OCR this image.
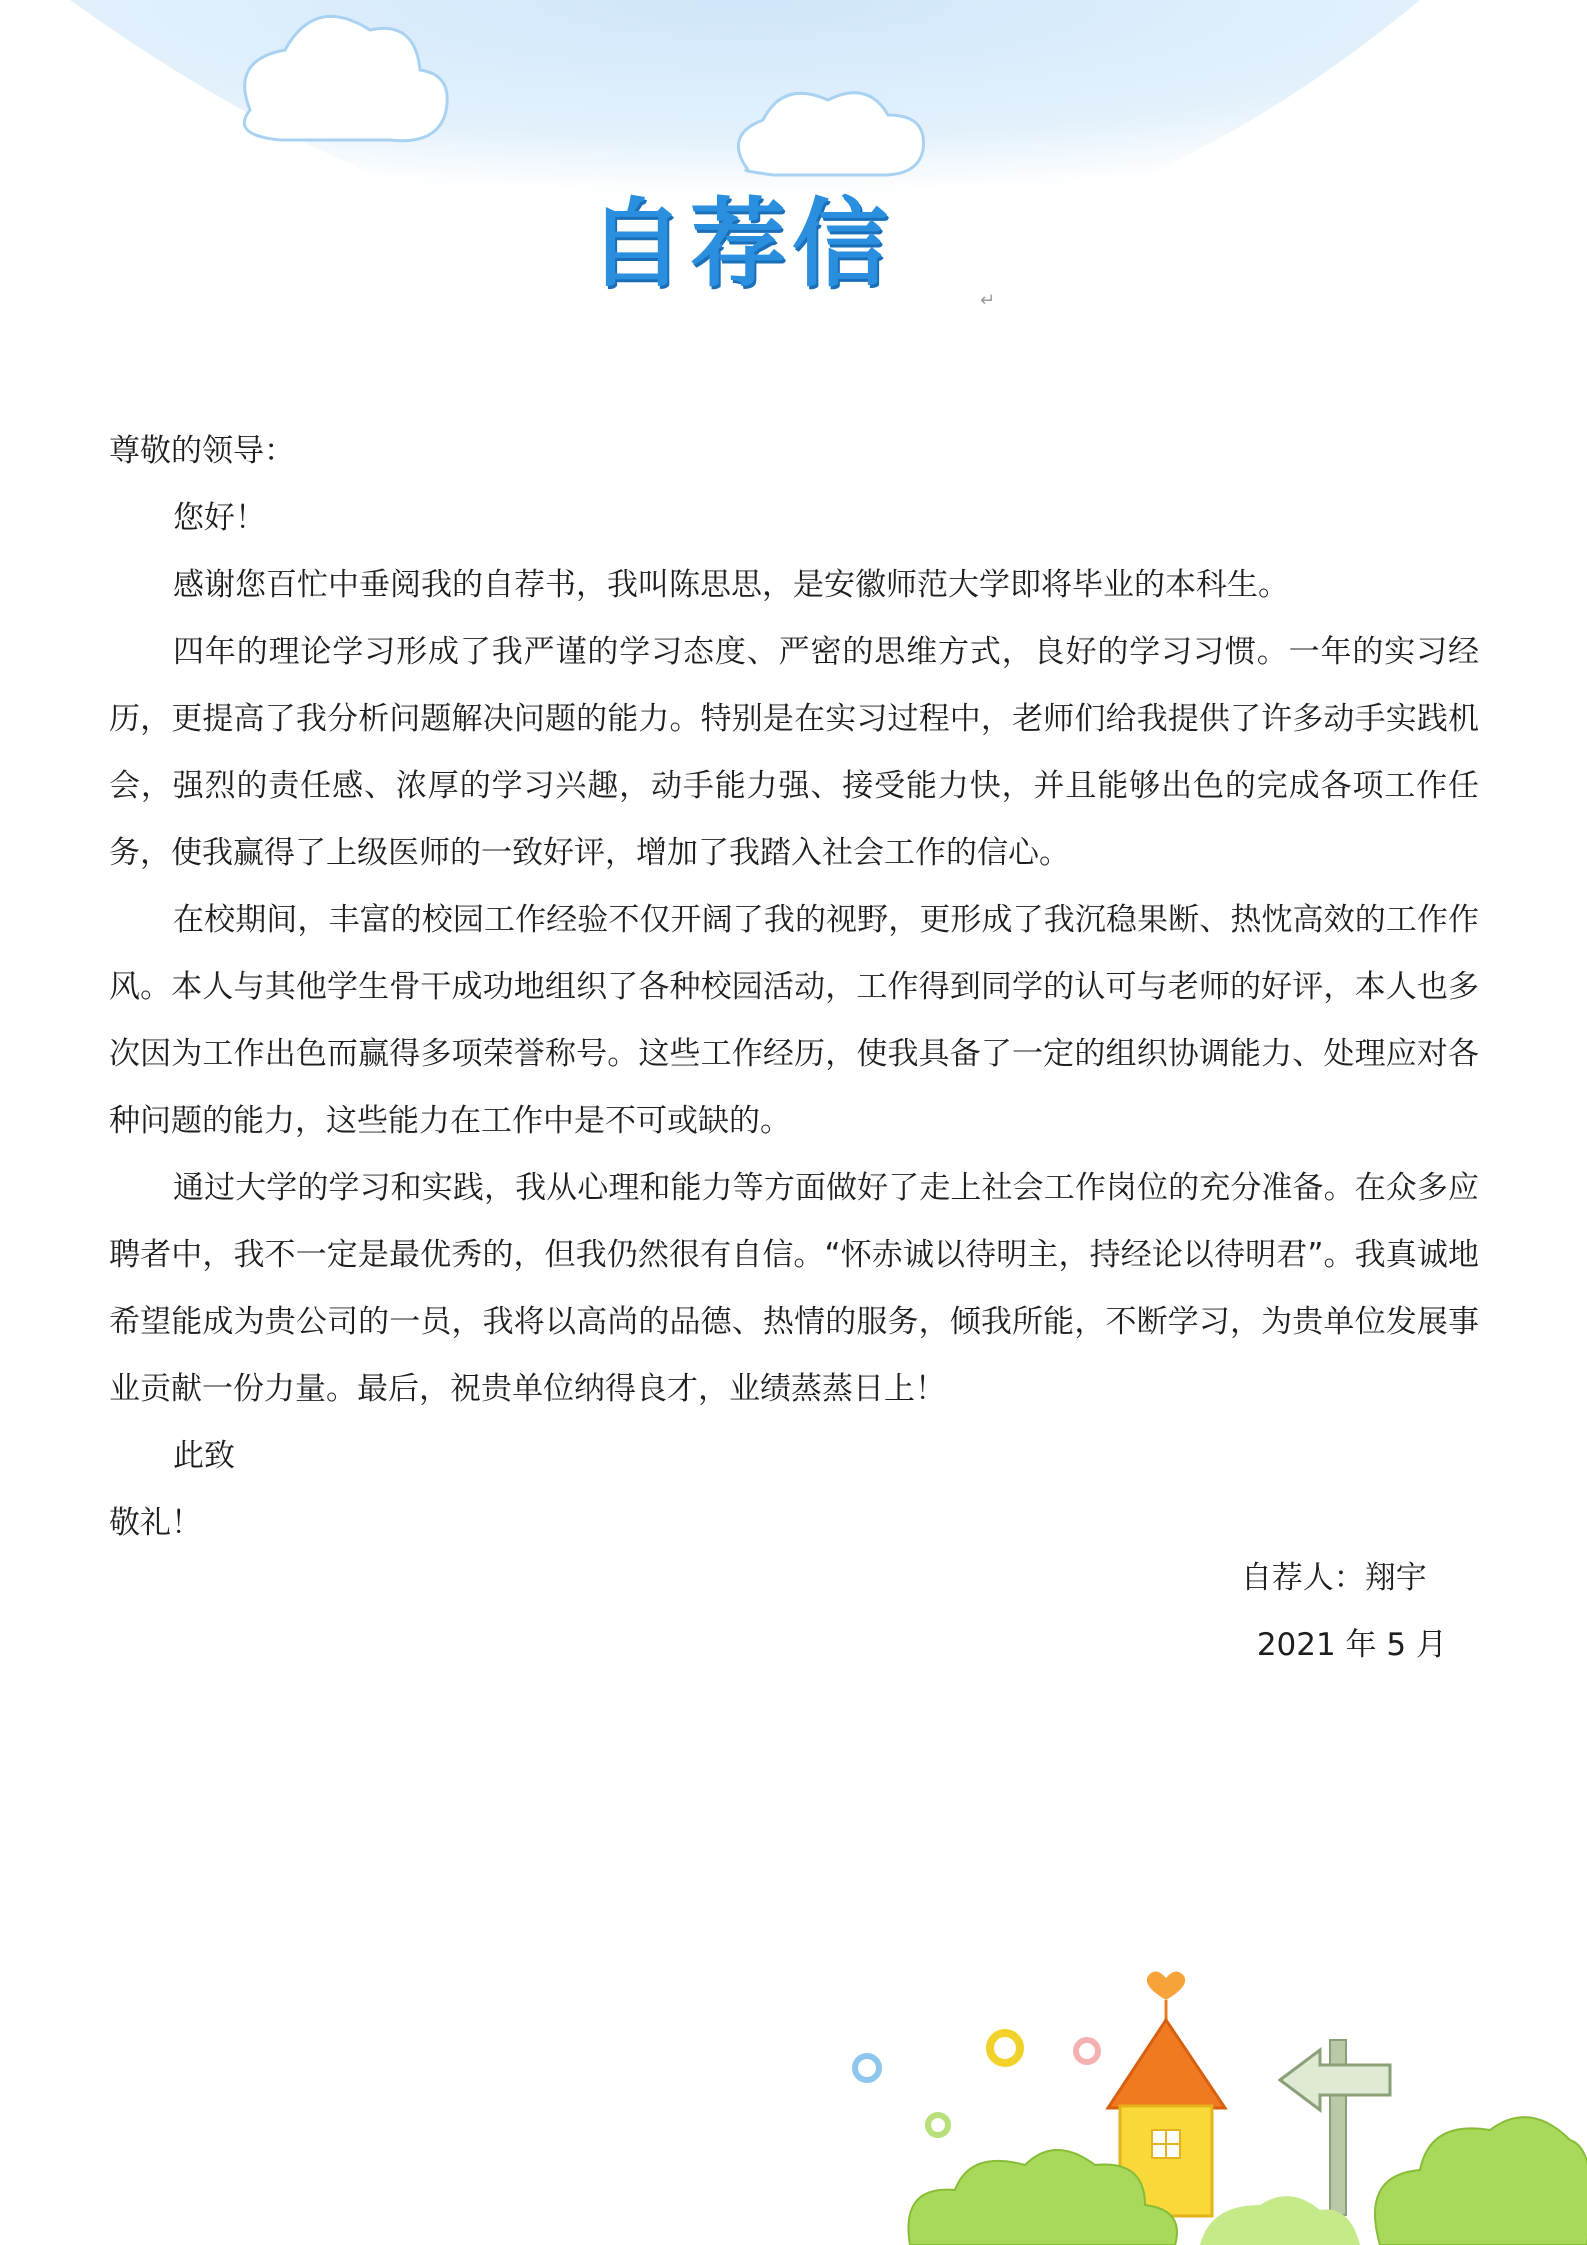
自荐信
↵

尊敬的领导：

您好！

感谢您百忙中垂阅我的自荐书，我叫陈思思，是安徽师范大学即将毕业的本科生。

四年的理论学习形成了我严谨的学习态度、严密的思维方式，良好的学习习惯。一年的实习经历，更提高了我分析问题解决问题的能力。特别是在实习过程中，老师们给我提供了许多动手实践机会，强烈的责任感、浓厚的学习兴趣，动手能力强、接受能力快，并且能够出色的完成各项工作任务，使我赢得了上级医师的一致好评，增加了我踏入社会工作的信心。

在校期间，丰富的校园工作经验不仅开阔了我的视野，更形成了我沉稳果断、热忱高效的工作作风。本人与其他学生骨干成功地组织了各种校园活动，工作得到同学的认可与老师的好评，本人也多次因为工作出色而赢得多项荣誉称号。这些工作经历，使我具备了一定的组织协调能力、处理应对各种问题的能力，这些能力在工作中是不可或缺的。

通过大学的学习和实践，我从心理和能力等方面做好了走上社会工作岗位的充分准备。在众多应聘者中，我不一定是最优秀的，但我仍然很有自信。“怀赤诚以待明主，持经论以待明君”。我真诚地希望能成为贵公司的一员，我将以高尚的品德、热情的服务，倾我所能，不断学习，为贵单位发展事业贡献一份力量。最后，祝贵单位纳得良才，业绩蒸蒸日上！

此致

敬礼！

自荐人：翔宇
2021 年 5 月
